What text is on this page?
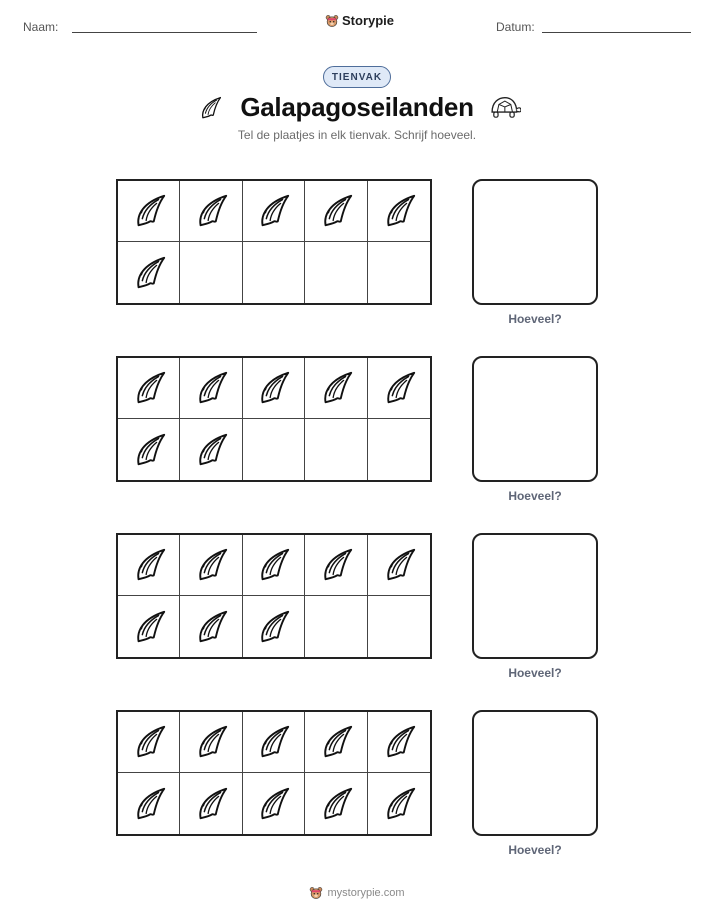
Naam:	Storypie	Datum:
TIENVAK
Galapagoseilanden
Tel de plaatjes in elk tienvak. Schrijf hoeveel.
Hoeveel?
Hoeveel?
Hoeveel?
Hoeveel?
mystorypie.com
